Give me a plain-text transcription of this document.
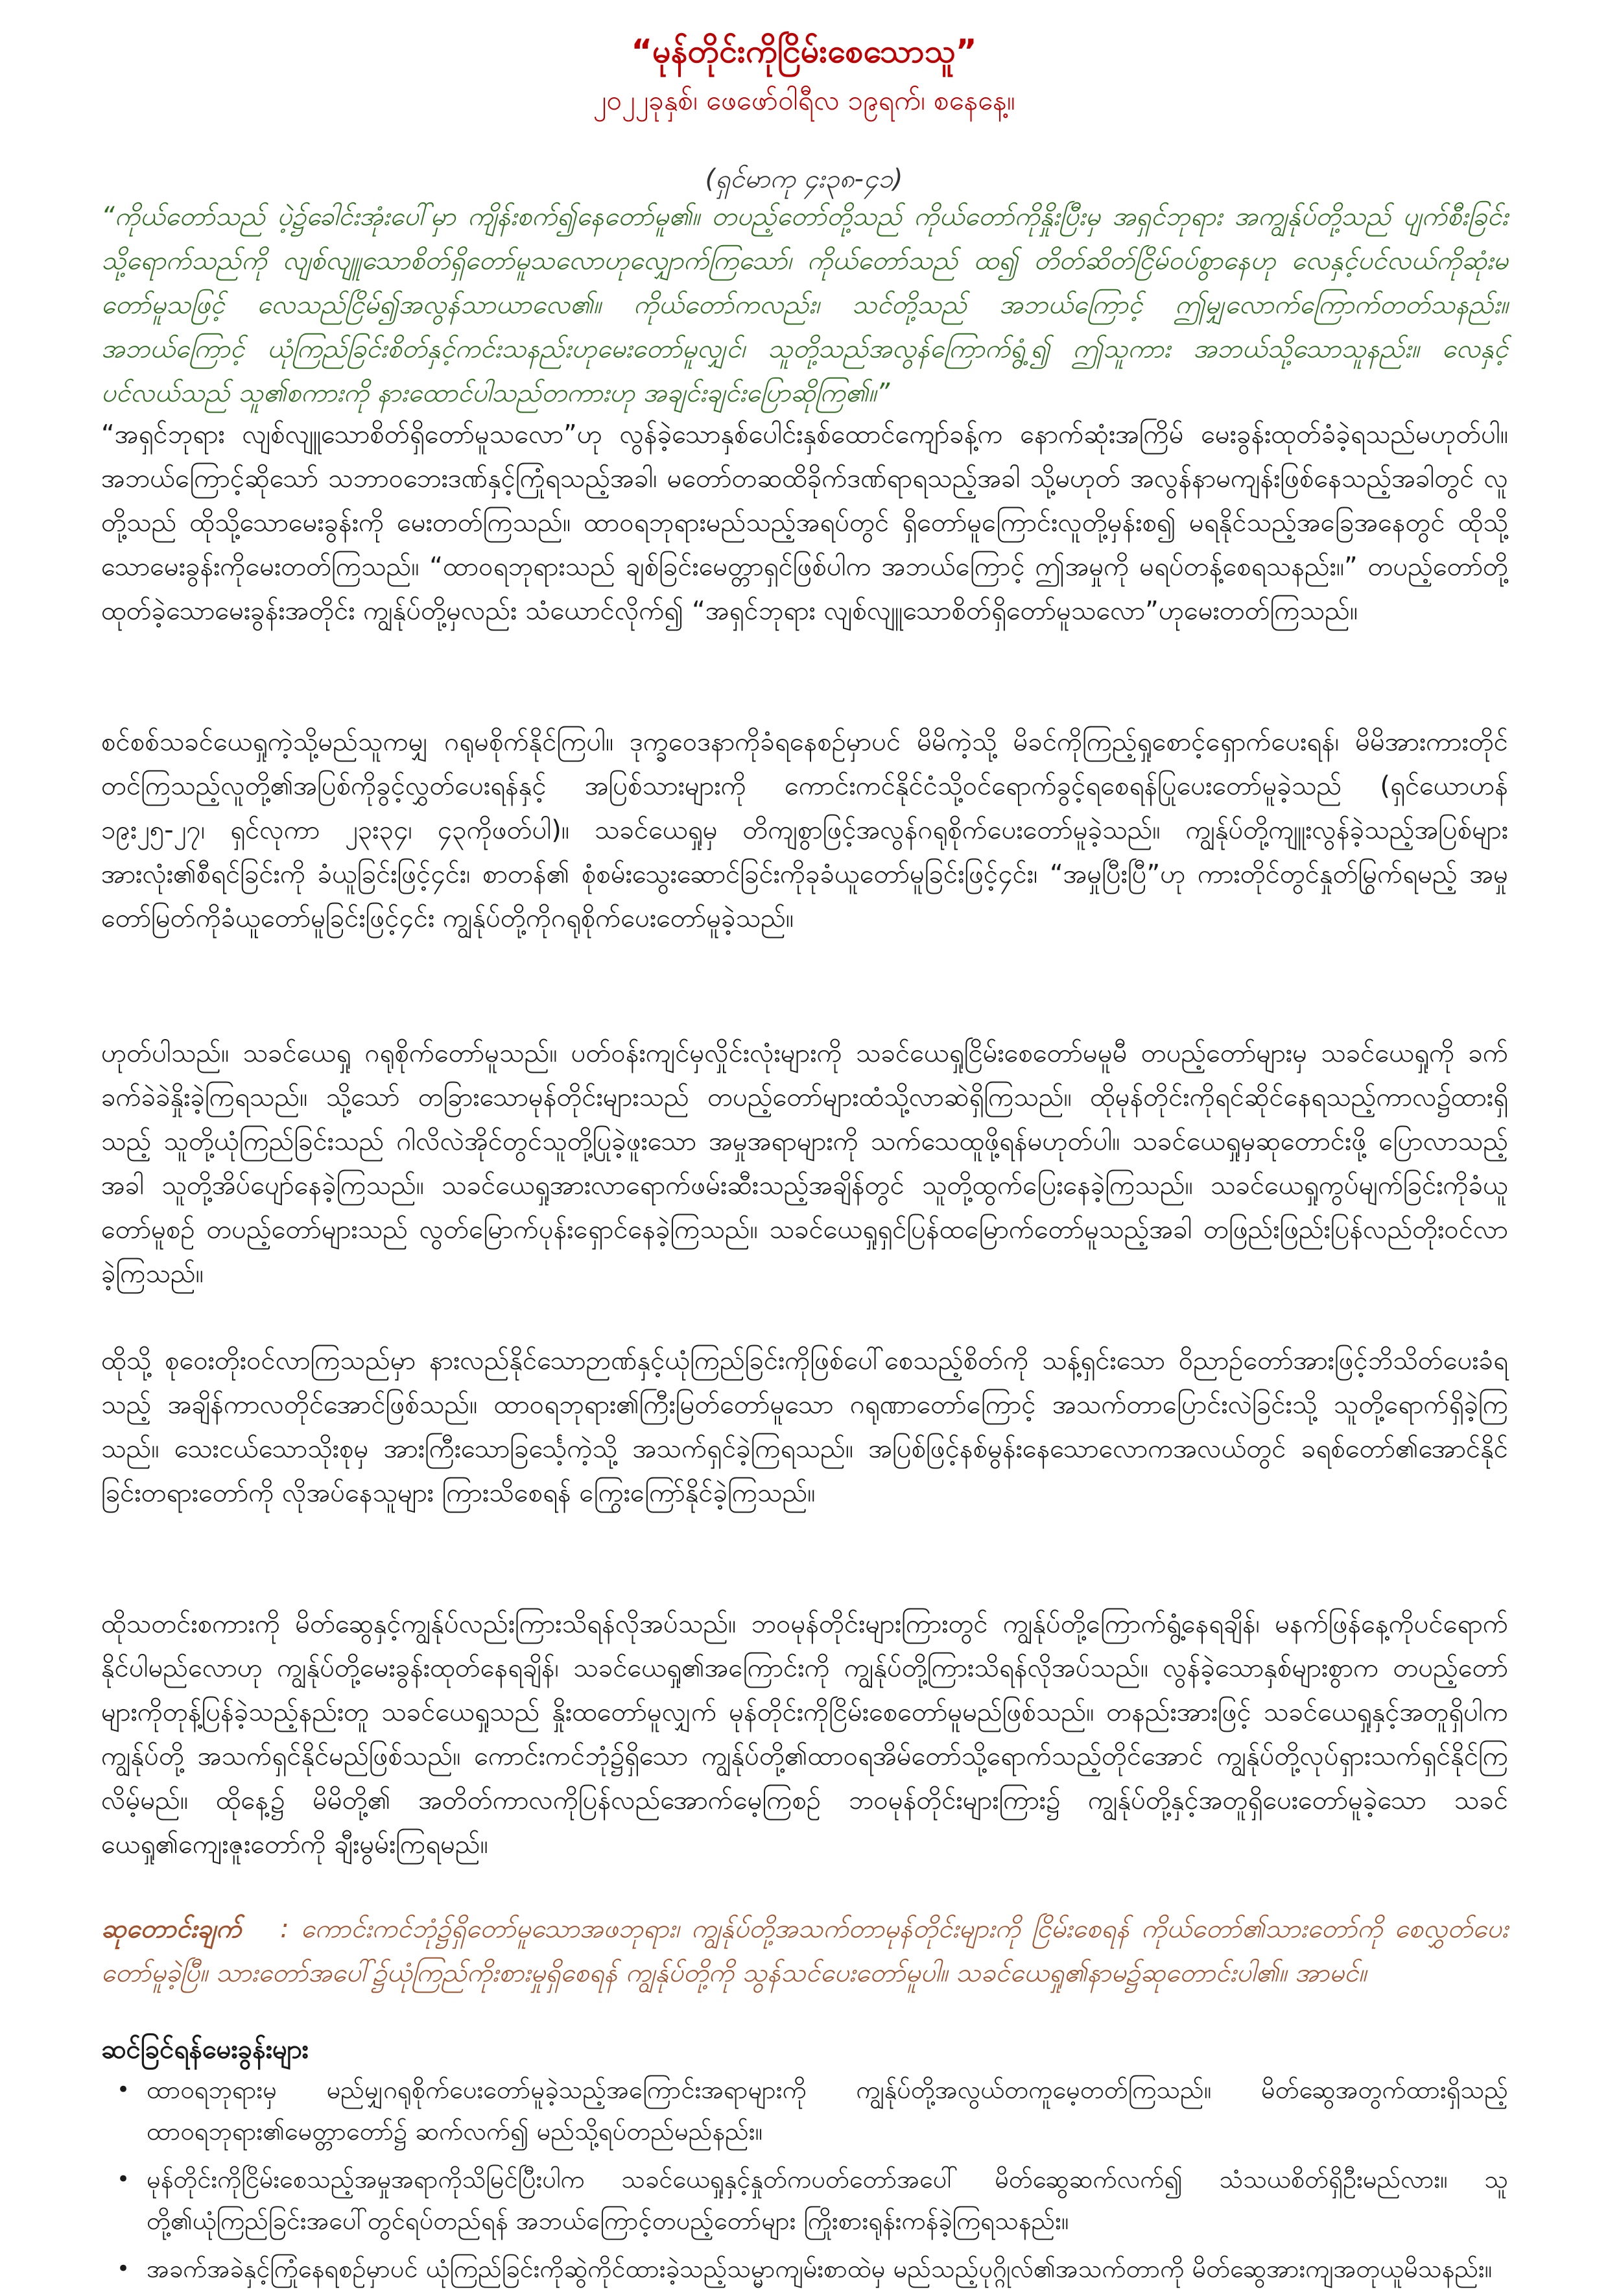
“မုန်တိုင်းကိုငြိမ်းစေသောသူ”

၂၀၂၂ခုနှစ်၊ ဖေဖော်ဝါရီလ ၁၉ရက်၊ စနေနေ့။

(ရှင်မာကု ၄း၃၈-၄၁)

“ကိုယ်တော်သည် ပဲ့၌ခေါင်းအုံးပေါ်မှာ ကျိန်းစက်၍နေတော်မူ၏။ တပည့်တော်တို့သည် ကိုယ်တော်ကိုနှိုးပြီးမှ အရှင်ဘုရား အကျွန်ုပ်တို့သည် ပျက်စီးခြင်းသို့ရောက်သည်ကို လျစ်လျူသောစိတ်ရှိတော်မူသလောဟုလျှောက်ကြသော်၊ ကိုယ်တော်သည် ထ၍ တိတ်ဆိတ်ငြိမ်ဝပ်စွာနေဟု လေနှင့်ပင်လယ်ကိုဆုံးမတော်မူသဖြင့် လေသည်ငြိမ်၍အလွန်သာယာလေ၏။ ကိုယ်တော်ကလည်း၊ သင်တို့သည် အဘယ်ကြောင့် ဤမျှလောက်ကြောက်တတ်သနည်း။ အဘယ်ကြောင့် ယုံကြည်ခြင်းစိတ်နှင့်ကင်းသနည်းဟုမေးတော်မူလျှင်၊ သူတို့သည်အလွန်ကြောက်ရွံ့၍ ဤသူကား အဘယ်သို့သောသူနည်း။ လေနှင့်ပင်လယ်သည် သူ၏စကားကို နားထောင်ပါသည်တကားဟု အချင်းချင်းပြောဆိုကြ၏။”

“အရှင်ဘုရား လျစ်လျူသောစိတ်ရှိတော်မူသလော”ဟု လွန်ခဲ့သောနှစ်ပေါင်းနှစ်ထောင်ကျော်ခန့်က နောက်ဆုံးအကြိမ် မေးခွန်းထုတ်ခံခဲ့ရသည်မဟုတ်ပါ။ အဘယ်ကြောင့်ဆိုသော် သဘာဝဘေးဒဏ်နှင့်ကြုံရသည့်အခါ၊ မတော်တဆထိခိုက်ဒဏ်ရာရသည့်အခါ သို့မဟုတ် အလွန်နာမကျန်းဖြစ်နေသည့်အခါတွင် လူတို့သည် ထိုသို့သောမေးခွန်းကို မေးတတ်ကြသည်။ ထာဝရဘုရားမည်သည့်အရပ်တွင် ရှိတော်မူကြောင်းလူတို့မှန်းစ၍ မရနိုင်သည့်အခြေအနေတွင် ထိုသို့သောမေးခွန်းကိုမေးတတ်ကြသည်။ “ထာဝရဘုရားသည် ချစ်ခြင်းမေတ္တာရှင်ဖြစ်ပါက အဘယ်ကြောင့် ဤအမှုကို မရပ်တန့်စေရသနည်း။” တပည့်တော်တို့ထုတ်ခဲ့သောမေးခွန်းအတိုင်း ကျွန်ုပ်တို့မှလည်း သံယောင်လိုက်၍ “အရှင်ဘုရား လျစ်လျူသောစိတ်ရှိတော်မူသလော”ဟုမေးတတ်ကြသည်။

စင်စစ်သခင်ယေရှုကဲ့သို့မည်သူကမျှ ဂရုမစိုက်နိုင်ကြပါ။ ဒုက္ခဝေဒနာကိုခံရနေစဉ်မှာပင် မိမိကဲ့သို့ မိခင်ကိုကြည့်ရှုစောင့်ရှောက်ပေးရန်၊ မိမိအားကားတိုင်တင်ကြသည့်လူတို့၏အပြစ်ကိုခွင့်လွှတ်ပေးရန်နှင့် အပြစ်သားများကို ကောင်းကင်နိုင်ငံသို့ဝင်ရောက်ခွင့်ရစေရန်ပြုပေးတော်မူခဲ့သည် (ရှင်ယောဟန် ၁၉း၂၅-၂၇၊ ရှင်လုကာ ၂၃း၃၄၊ ၄၃ကိုဖတ်ပါ)။ သခင်ယေရှုမှ တိကျစွာဖြင့်အလွန်ဂရုစိုက်ပေးတော်မူခဲ့သည်။ ကျွန်ုပ်တို့ကျူးလွန်ခဲ့သည့်အပြစ်များအားလုံး၏စီရင်ခြင်းကို ခံယူခြင်းဖြင့်၄င်း၊ စာတန်၏ စုံစမ်းသွေးဆောင်ခြင်းကိုခုခံယူတော်မူခြင်းဖြင့်၄င်း၊ “အမှုပြီးပြီ”ဟု ကားတိုင်တွင်နှုတ်မြွက်ရမည့် အမှုတော်မြတ်ကိုခံယူတော်မူခြင်းဖြင့်၄င်း ကျွန်ုပ်တို့ကိုဂရုစိုက်ပေးတော်မူခဲ့သည်။

ဟုတ်ပါသည်။ သခင်ယေရှု ဂရုစိုက်တော်မူသည်။ ပတ်ဝန်းကျင်မှလှိုင်းလုံးများကို သခင်ယေရှုငြိမ်းစေတော်မမူမီ တပည့်တော်များမှ သခင်ယေရှုကို ခက်ခက်ခဲခဲနှိုးခဲ့ကြရသည်။ သို့သော် တခြားသောမုန်တိုင်းများသည် တပည့်တော်များထံသို့လာဆဲရှိကြသည်။ ထိုမုန်တိုင်းကိုရင်ဆိုင်နေရသည့်ကာလ၌ထားရှိသည့် သူတို့ယုံကြည်ခြင်းသည် ဂါလိလဲအိုင်တွင်သူတို့ပြုခဲ့ဖူးသော အမှုအရာများကို သက်သေထူဖို့ရန်မဟုတ်ပါ။ သခင်ယေရှုမှဆုတောင်းဖို့ ပြောလာသည့်အခါ သူတို့အိပ်ပျော်နေခဲ့ကြသည်။ သခင်ယေရှုအားလာရောက်ဖမ်းဆီးသည့်အချိန်တွင် သူတို့ထွက်ပြေးနေခဲ့ကြသည်။ သခင်ယေရှုကွပ်မျက်ခြင်းကိုခံယူတော်မူစဉ် တပည့်တော်များသည် လွတ်မြောက်ပုန်းရှောင်နေခဲ့ကြသည်။ သခင်ယေရှုရှင်ပြန်ထမြောက်တော်မူသည့်အခါ တဖြည်းဖြည်းပြန်လည်တိုးဝင်လာခဲ့ကြသည်။

ထိုသို့ စုဝေးတိုးဝင်လာကြသည်မှာ နားလည်နိုင်သောဉာဏ်နှင့်ယုံကြည်ခြင်းကိုဖြစ်ပေါ်စေသည့်စိတ်ကို သန့်ရှင်းသော ဝိညာဉ်တော်အားဖြင့်ဘိသိတ်ပေးခံရသည့် အချိန်ကာလတိုင်အောင်ဖြစ်သည်။ ထာဝရဘုရား၏ကြီးမြတ်တော်မူသော ဂရုဏာတော်ကြောင့် အသက်တာပြောင်းလဲခြင်းသို့ သူတို့ရောက်ရှိခဲ့ကြသည်။ သေးငယ်သောသိုးစုမှ အားကြီးသောခြင်္သေ့ကဲ့သို့ အသက်ရှင်ခဲ့ကြရသည်။ အပြစ်ဖြင့်နစ်မွန်းနေသောလောကအလယ်တွင် ခရစ်တော်၏အောင်နိုင်ခြင်းတရားတော်ကို လိုအပ်နေသူများ ကြားသိစေရန် ကြွေးကြော်နိုင်ခဲ့ကြသည်။

ထိုသတင်းစကားကို မိတ်ဆွေနှင့်ကျွန်ုပ်လည်းကြားသိရန်လိုအပ်သည်။ ဘဝမုန်တိုင်းများကြားတွင် ကျွန်ုပ်တို့ကြောက်ရွံ့နေရချိန်၊ မနက်ဖြန်နေ့ကိုပင်ရောက်နိုင်ပါမည်လောဟု ကျွန်ုပ်တို့မေးခွန်းထုတ်နေရချိန်၊ သခင်ယေရှု၏အကြောင်းကို ကျွန်ုပ်တို့ကြားသိရန်လိုအပ်သည်။ လွန်ခဲ့သောနှစ်များစွာက တပည့်တော်များကိုတုန့်ပြန်ခဲ့သည့်နည်းတူ သခင်ယေရှုသည် နှိုးထတော်မူလျှက် မုန်တိုင်းကိုငြိမ်းစေတော်မူမည်ဖြစ်သည်။ တနည်းအားဖြင့် သခင်ယေရှုနှင့်အတူရှိပါက ကျွန်ုပ်တို့ အသက်ရှင်နိုင်မည်ဖြစ်သည်။ ကောင်းကင်ဘုံ၌ရှိသော ကျွန်ုပ်တို့၏ထာဝရအိမ်တော်သို့ရောက်သည့်တိုင်အောင် ကျွန်ုပ်တို့လုပ်ရှားသက်ရှင်နိုင်ကြလိမ့်မည်။ ထိုနေ့၌ မိမိတို့၏ အတိတ်ကာလကိုပြန်လည်အောက်မေ့ကြစဉ် ဘဝမုန်တိုင်းများကြား၌ ကျွန်ုပ်တို့နှင့်အတူရှိပေးတော်မူခဲ့သော သခင်ယေရှု၏ကျေးဇူးတော်ကို ချီးမွမ်းကြရမည်။

ဆုတောင်းချက် : ကောင်းကင်ဘုံ၌ရှိတော်မူသောအဖဘုရား၊ ကျွန်ုပ်တို့အသက်တာမုန်တိုင်းများကို ငြိမ်းစေရန် ကိုယ်တော်၏သားတော်ကို စေလွှတ်ပေးတော်မူခဲ့ပြီ။ သားတော်အပေါ်၌ယုံကြည်ကိုးစားမှုရှိစေရန် ကျွန်ုပ်တို့ကို သွန်သင်ပေးတော်မူပါ။ သခင်ယေရှု၏နာမ၌ဆုတောင်းပါ၏။ အာမင်။

ဆင်ခြင်ရန်မေးခွန်းများ
• ထာဝရဘုရားမှ မည်မျှဂရုစိုက်ပေးတော်မူခဲ့သည့်အကြောင်းအရာများကို ကျွန်ုပ်တို့အလွယ်တကူမေ့တတ်ကြသည်။ မိတ်ဆွေအတွက်ထားရှိသည့် ထာဝရဘုရား၏မေတ္တာတော်၌ ဆက်လက်၍ မည်သို့ရပ်တည်မည်နည်း။
• မုန်တိုင်းကိုငြိမ်းစေသည့်အမှုအရာကိုသိမြင်ပြီးပါက သခင်ယေရှုနှင့်နှုတ်ကပတ်တော်အပေါ် မိတ်ဆွေဆက်လက်၍ သံသယစိတ်ရှိဦးမည်လား။ သူတို့၏ယုံကြည်ခြင်းအပေါ်တွင်ရပ်တည်ရန် အဘယ်ကြောင့်တပည့်တော်များ ကြိုးစားရုန်းကန်ခဲ့ကြရသနည်း။
• အခက်အခဲနှင့်ကြုံနေရစဉ်မှာပင် ယုံကြည်ခြင်းကိုဆွဲကိုင်ထားခဲ့သည့်သမ္မာကျမ်းစာထဲမှ မည်သည့်ပုဂ္ဂိုလ်၏အသက်တာကို မိတ်ဆွေအားကျအတုယူမိသနည်း။
